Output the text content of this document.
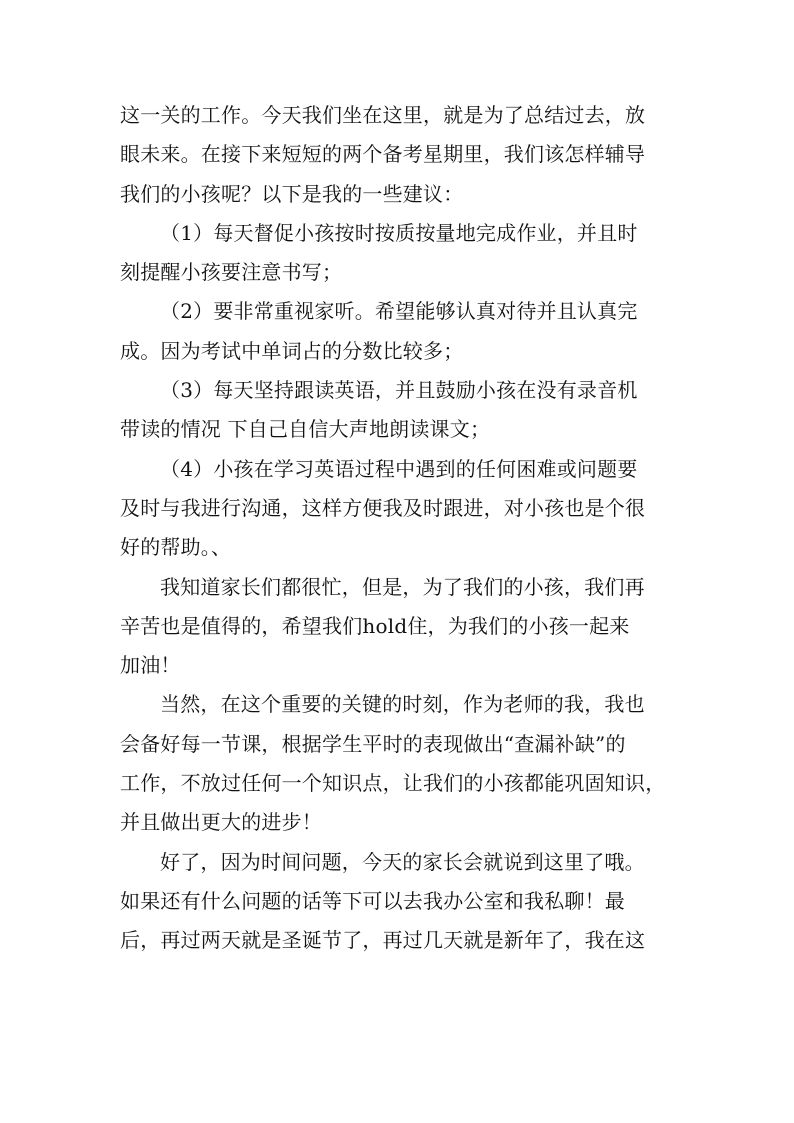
这一关的工作。今天我们坐在这里，就是为了总结过去，放
眼未来。在接下来短短的两个备考星期里，我们该怎样辅导
我们的小孩呢？以下是我的一些建议：
（1）每天督促小孩按时按质按量地完成作业，并且时
刻提醒小孩要注意书写；
（2）要非常重视家听。希望能够认真对待并且认真完
成。因为考试中单词占的分数比较多；
（3）每天坚持跟读英语，并且鼓励小孩在没有录音机
带读的情况 下自己自信大声地朗读课文；
（4）小孩在学习英语过程中遇到的任何困难或问题要
及时与我进行沟通，这样方便我及时跟进，对小孩也是个很
好的帮助。、
我知道家长们都很忙，但是，为了我们的小孩，我们再
辛苦也是值得的，希望我们hold住，为我们的小孩一起来
加油！
当然，在这个重要的关键的时刻，作为老师的我，我也
会备好每一节课，根据学生平时的表现做出“查漏补缺”的
工作，不放过任何一个知识点，让我们的小孩都能巩固知识，
并且做出更大的进步！
好了，因为时间问题，今天的家长会就说到这里了哦。
如果还有什么问题的话等下可以去我办公室和我私聊！最
后，再过两天就是圣诞节了，再过几天就是新年了，我在这
